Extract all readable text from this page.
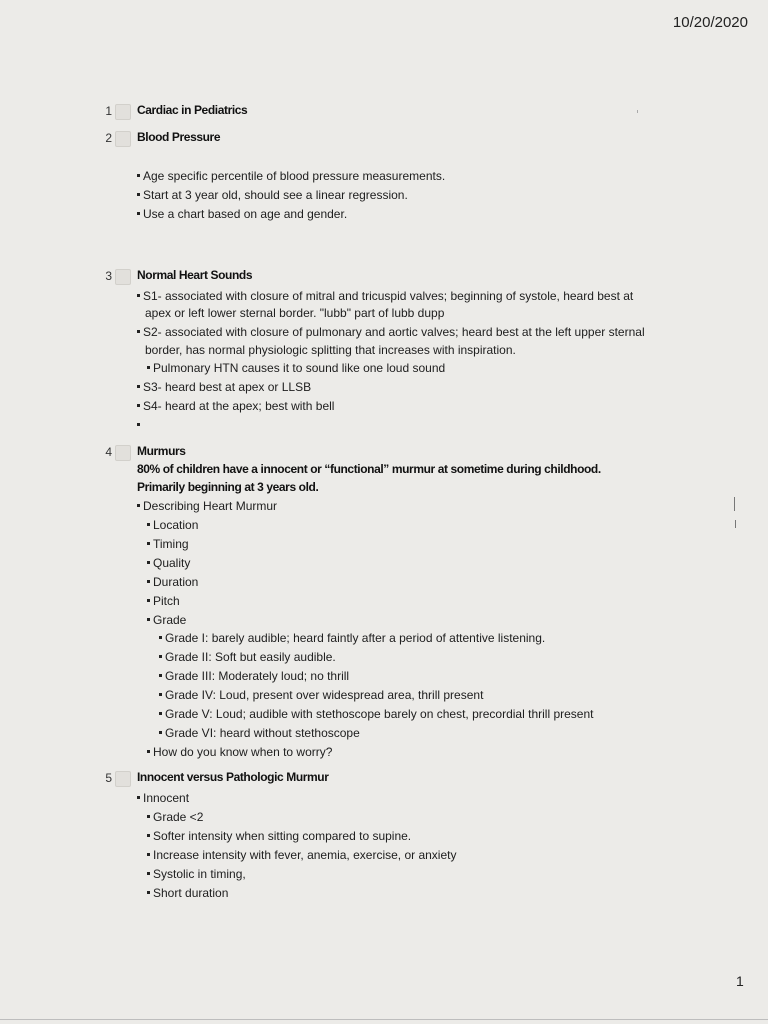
10/20/2020
1 Cardiac in Pediatrics
2 Blood Pressure
Age specific percentile of blood pressure measurements.
Start at 3 year old, should see a linear regression.
Use a chart based on age and gender.
3 Normal Heart Sounds
S1- associated with closure of mitral and tricuspid valves; beginning of systole, heard best at
apex or left lower sternal border. "lubb" part of lubb dupp
S2- associated with closure of pulmonary and aortic valves; heard best at the left upper sternal
border, has normal physiologic splitting that increases with inspiration.
Pulmonary HTN causes it to sound like one loud sound
S3- heard best at apex or LLSB
S4- heard at the apex; best with bell
4 Murmurs
80% of children have a innocent or “functional” murmur at sometime during childhood.
Primarily beginning at 3 years old.
Describing Heart Murmur
Location
Timing
Quality
Duration
Pitch
Grade
Grade I: barely audible; heard faintly after a period of attentive listening.
Grade II: Soft but easily audible.
Grade III: Moderately loud; no thrill
Grade IV: Loud, present over widespread area, thrill present
Grade V: Loud; audible with stethoscope barely on chest, precordial thrill present
Grade VI: heard without stethoscope
How do you know when to worry?
5 Innocent versus Pathologic Murmur
Innocent
Grade <2
Softer intensity when sitting compared to supine.
Increase intensity with fever, anemia, exercise, or anxiety
Systolic in timing,
Short duration
1
